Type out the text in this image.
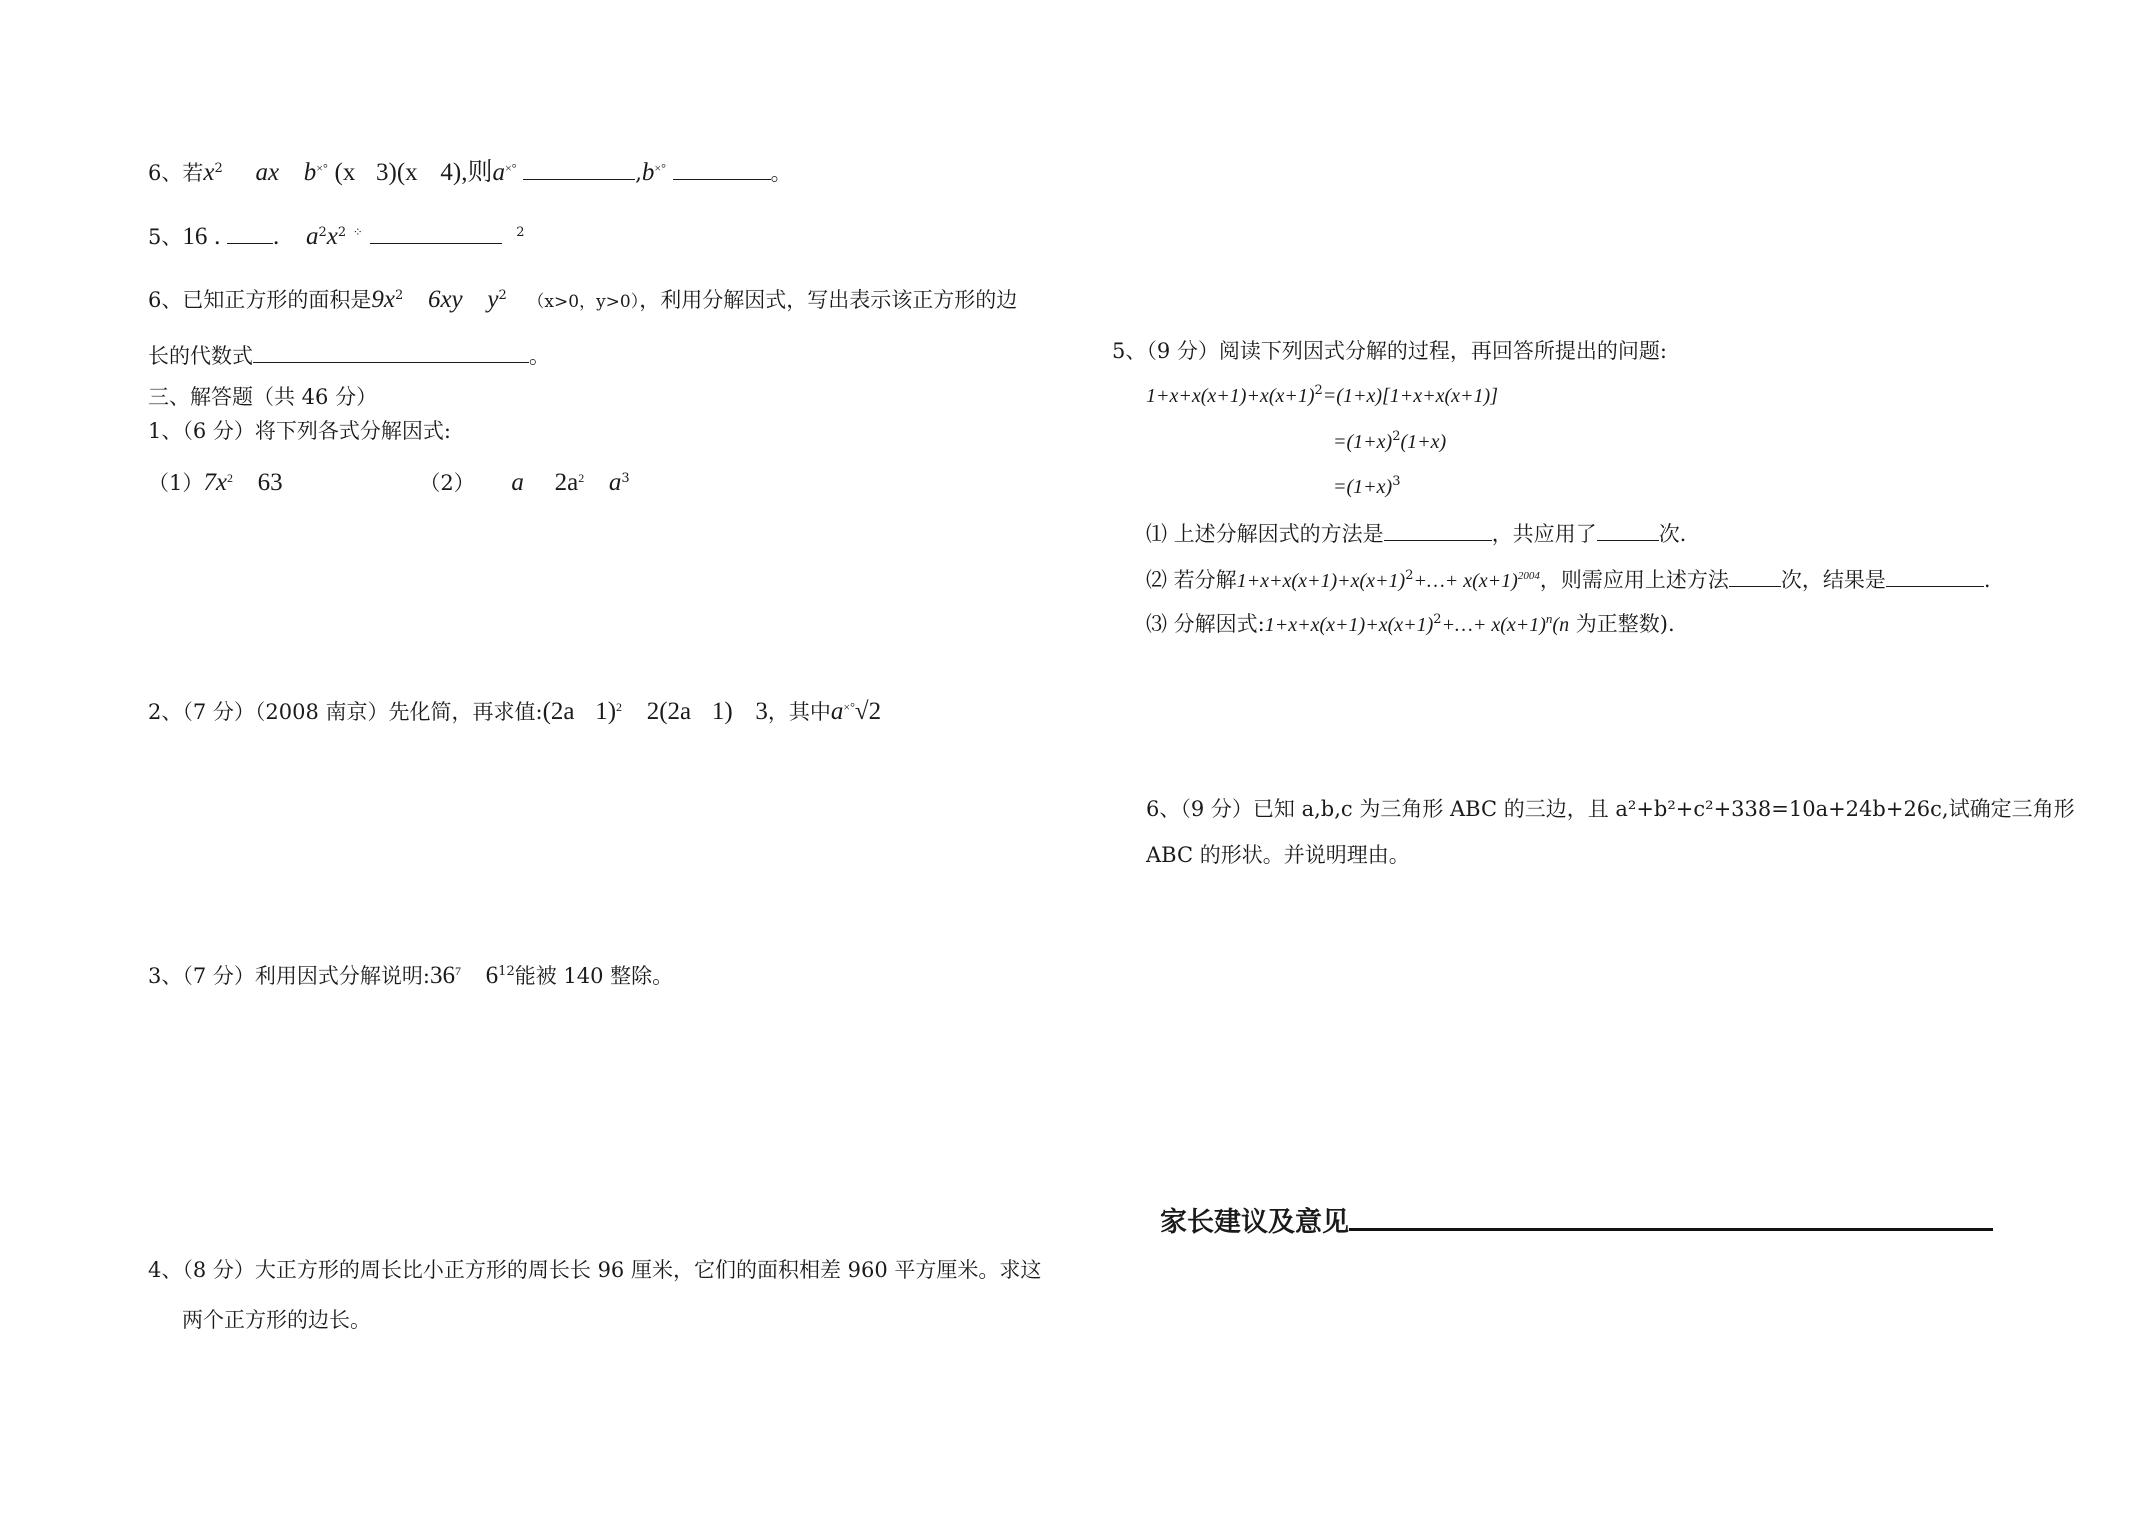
6、若$x^2$ ax b×° (x 3)(x 4),则a×°	,b×°	。
5、16 . . $a^2x^2$ ⁘	$^2$
6、已知正方形的面积是$9x^2$ 6xy $y^2$ （x>0，y>0），利用分解因式，写出表示该正方形的边
长的代数式	。
三、解答题（共 46 分）
1、（6 分）将下列各式分解因式:
$(1)7x^2$ 63	（2） a $2a^2$ $a^3$
2、（7 分）（2008 南京）先化简，再求值:(2a 1)$^2$ 2(2a 1) 3，其中a×°√2
3、（7 分）利用因式分解说明$:36^7$ $6^{12}$能被 140 整除。
4、（8 分）大正方形的周长比小正方形的周长长 96 厘米，它们的面积相差 960 平方厘米。求这
两个正方形的边长。
5、（9 分）阅读下列因式分解的过程，再回答所提出的问题:
$1+x+x(x+1)+x(x+1)^2=(1+x)[1+x+x(x+1)]$
$=(1+x)^2(1+x)$
$=(1+x)^3$
⑴ 上述分解因式的方法是	，共应用了	次.
⑵ 若分解$1+x+x(x+1)+x(x+1)^2+\dots+ x(x+1)^{2004}$，则需应用上述方法 次，结果是	.
⑶ 分解因式$:1+x+x(x+1)+x(x+1)^2+\dots+ x(x+1)^n(n$ 为正整数).
6、（9 分）已知 a,b,c 为三角形 ABC 的三边，且 a²+b²+c²+338=10a+24b+26c,试确定三角形
ABC 的形状。并说明理由。
家长建议及意见
